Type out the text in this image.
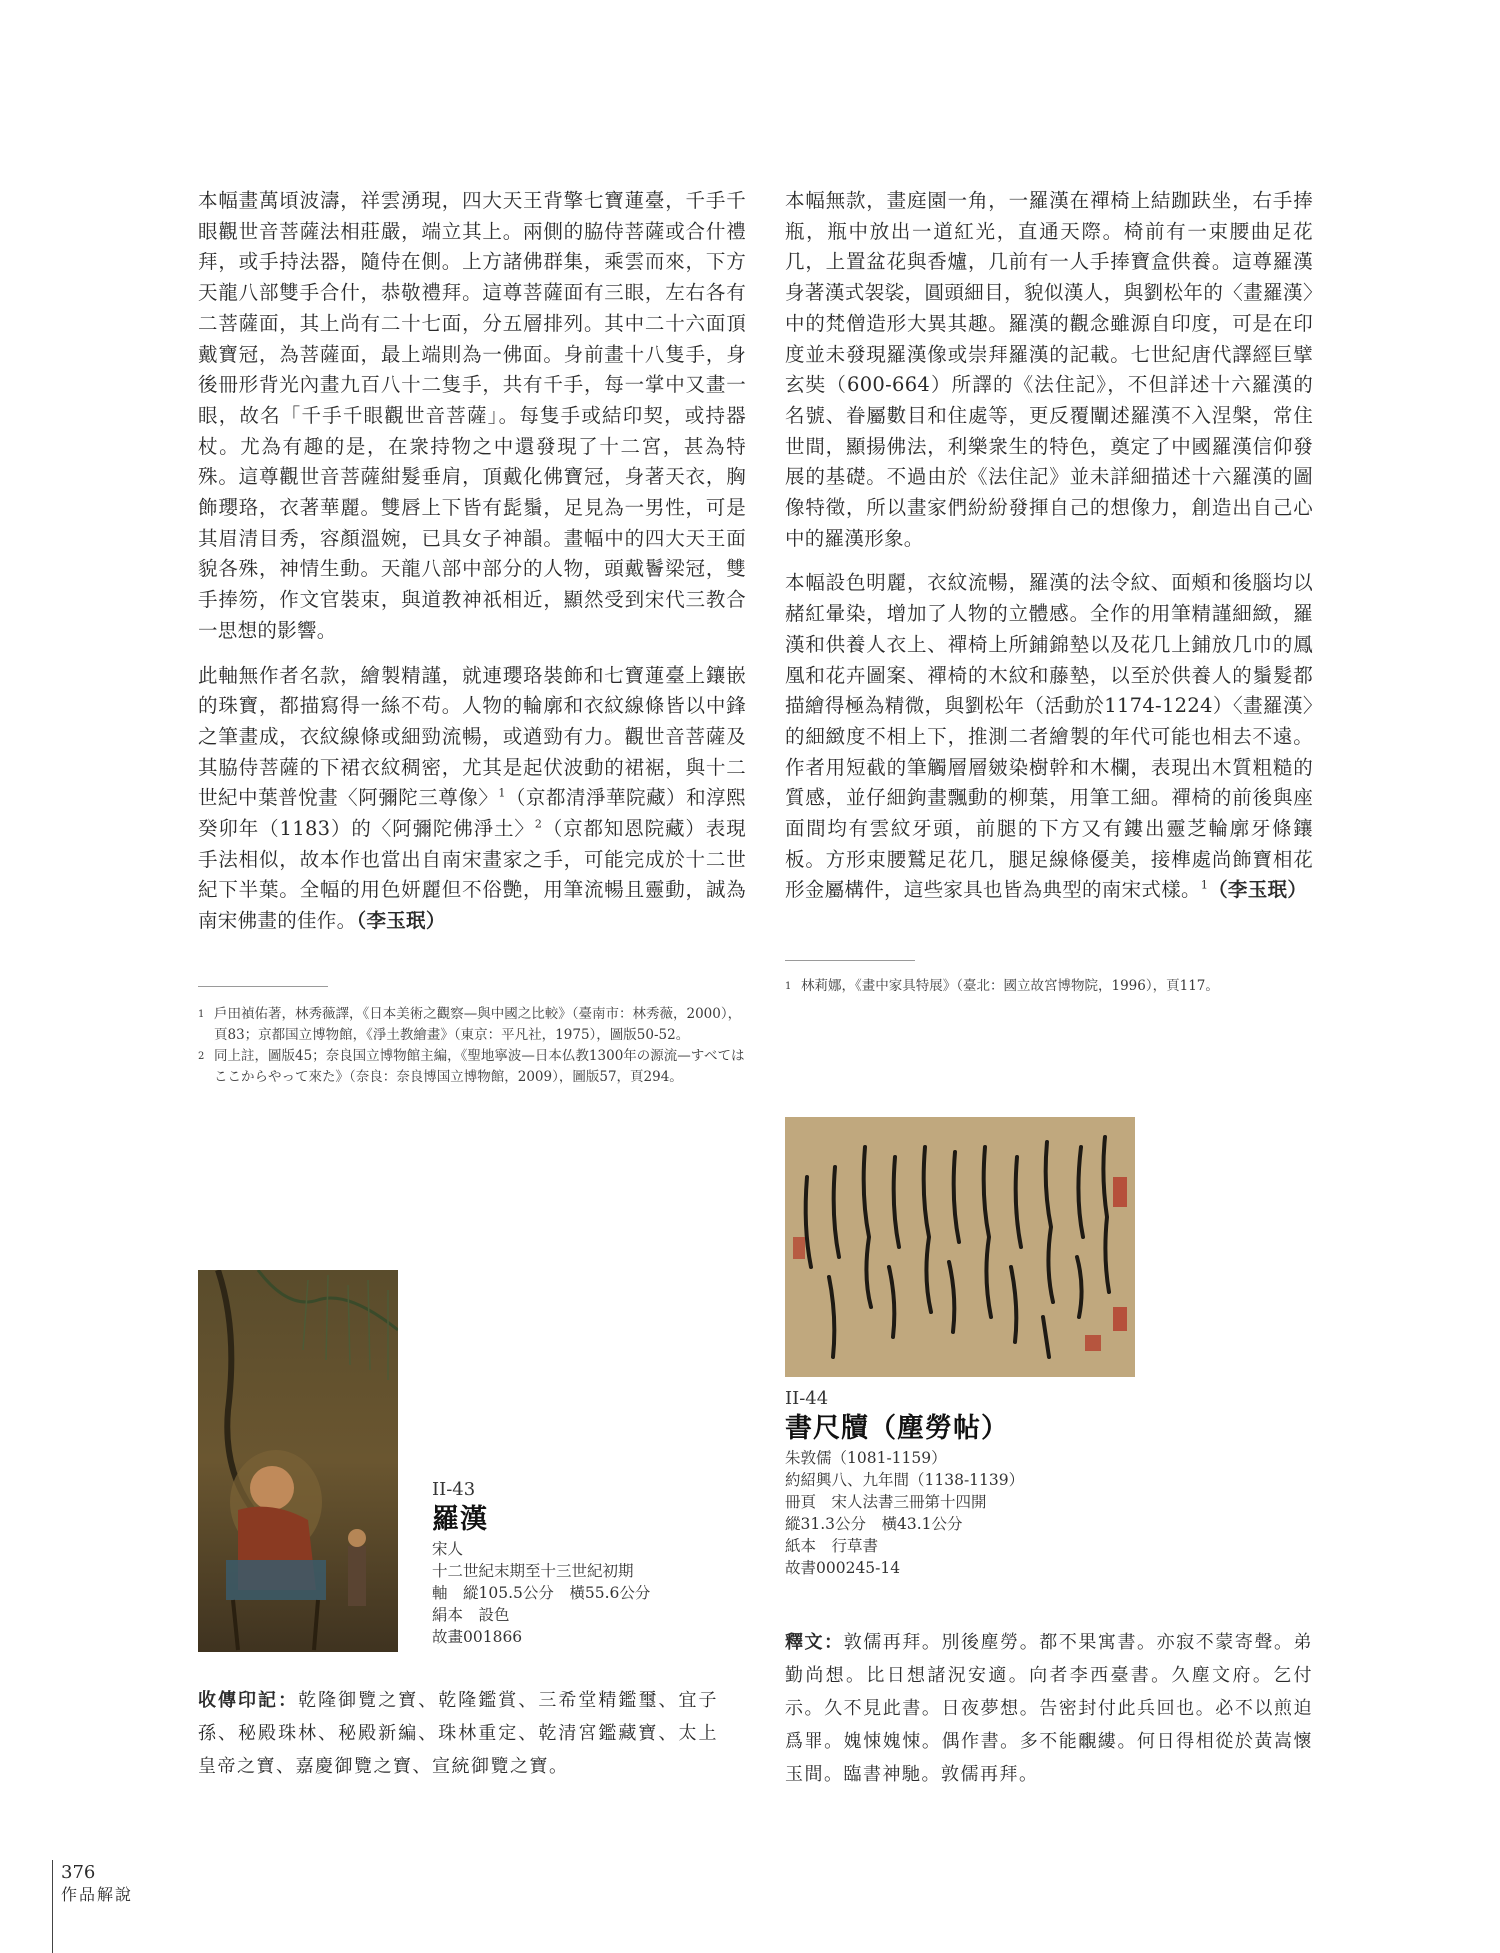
本幅畫萬頃波濤，祥雲湧現，四大天王背擎七寶蓮臺，千手千眼觀世音菩薩法相莊嚴，端立其上。兩側的脇侍菩薩或合什禮拜，或手持法器，隨侍在側。上方諸佛群集，乘雲而來，下方天龍八部雙手合什，恭敬禮拜。這尊菩薩面有三眼，左右各有二菩薩面，其上尚有二十七面，分五層排列。其中二十六面頂戴寶冠，為菩薩面，最上端則為一佛面。身前畫十八隻手，身後冊形背光內畫九百八十二隻手，共有千手，每一掌中又畫一眼，故名「千手千眼觀世音菩薩」。每隻手或結印契，或持器杖。尤為有趣的是，在衆持物之中還發現了十二宮，甚為特殊。這尊觀世音菩薩紺髮垂肩，頂戴化佛寶冠，身著天衣，胸飾瓔珞，衣著華麗。雙唇上下皆有髭鬚，足見為一男性，可是其眉清目秀，容顏溫婉，已具女子神韻。畫幅中的四大天王面貌各殊，神情生動。天龍八部中部分的人物，頭戴鬠梁冠，雙手捧笏，作文官裝束，與道教神祇相近，顯然受到宋代三教合一思想的影響。

此軸無作者名款，繪製精謹，就連瓔珞裝飾和七寶蓮臺上鑲嵌的珠寶，都描寫得一絲不苟。人物的輪廓和衣紋線條皆以中鋒之筆畫成，衣紋線條或細勁流暢，或遒勁有力。觀世音菩薩及其脇侍菩薩的下裙衣紋稠密，尤其是起伏波動的裙裾，與十二世紀中葉普悅畫〈阿彌陀三尊像〉$^1$（京都清淨華院藏）和淳熙癸卯年（1183）的〈阿彌陀佛淨土〉$^2$（京都知恩院藏）表現手法相似，故本作也當出自南宋畫家之手，可能完成於十二世紀下半葉。全幅的用色妍麗但不俗艷，用筆流暢且靈動，誠為南宋佛畫的佳作。（李玉珉）

1 戶田禎佑著，林秀薇譯，《日本美術之觀察—與中國之比較》（臺南市：林秀薇，2000），頁83；京都国立博物館，《淨土教繪畫》（東京：平凡社，1975），圖版50-52。

2 同上註，圖版45；奈良国立博物館主編，《聖地寧波—日本仏教1300年の源流—すべてはここからやって來た》（奈良：奈良博国立博物館，2009），圖版57，頁294。

本幅無款，畫庭園一角，一羅漢在禪椅上結跏趺坐，右手捧瓶，瓶中放出一道紅光，直通天際。椅前有一束腰曲足花几，上置盆花與香爐，几前有一人手捧寶盒供養。這尊羅漢身著漢式袈裟，圓頭細目，貌似漢人，與劉松年的〈畫羅漢〉中的梵僧造形大異其趣。羅漢的觀念雖源自印度，可是在印度並未發現羅漢像或崇拜羅漢的記載。七世紀唐代譯經巨擘玄奘（600-664）所譯的《法住記》，不但詳述十六羅漢的名號、眷屬數目和住處等，更反覆闡述羅漢不入涅槃，常住世間，顯揚佛法，利樂衆生的特色，奠定了中國羅漢信仰發展的基礎。不過由於《法住記》並未詳細描述十六羅漢的圖像特徵，所以畫家們紛紛發揮自己的想像力，創造出自己心中的羅漢形象。

本幅設色明麗，衣紋流暢，羅漢的法令紋、面頰和後腦均以赭紅暈染，增加了人物的立體感。全作的用筆精謹細緻，羅漢和供養人衣上、禪椅上所鋪錦墊以及花几上鋪放几巾的鳳凰和花卉圖案、禪椅的木紋和藤墊，以至於供養人的鬚髮都描繪得極為精微，與劉松年（活動於1174-1224）〈畫羅漢〉的細緻度不相上下，推測二者繪製的年代可能也相去不遠。作者用短截的筆觸層層皴染樹幹和木欄，表現出木質粗糙的質感，並仔細鉤畫飄動的柳葉，用筆工細。禪椅的前後與座面間均有雲紋牙頭，前腿的下方又有鏤出靈芝輪廓牙條鑲板。方形束腰鷲足花几，腿足線條優美，接榫處尚飾寶相花形金屬構件，這些家具也皆為典型的南宋式樣。$^1$（李玉珉）

1 林莉娜，《畫中家具特展》（臺北：國立故宮博物院，1996），頁117。

II-43
羅漢
宋人
十二世紀末期至十三世紀初期
軸　縱105.5公分　橫55.6公分
絹本　設色
故畫001866

收傳印記：乾隆御覽之寶、乾隆鑑賞、三希堂精鑑璽、宜子孫、秘殿珠林、秘殿新編、珠林重定、乾清宮鑑藏寶、太上皇帝之寶、嘉慶御覽之寶、宣統御覽之寶。

II-44
書尺牘（塵勞帖）
朱敦儒（1081-1159）
約紹興八、九年間（1138-1139）
冊頁　宋人法書三冊第十四開
縱31.3公分　橫43.1公分
紙本　行草書
故書000245-14

釋文：敦儒再拜。別後塵勞。都不果寓書。亦寂不蒙寄聲。弟勤尚想。比日想諸況安適。向者李西臺書。久塵文府。乞付示。久不見此書。日夜夢想。告密封付此兵回也。必不以煎迫爲罪。媿悚媿悚。偶作書。多不能覼縷。何日得相從於黃嵩懷玉間。臨書神馳。敦儒再拜。

376
作品解說
